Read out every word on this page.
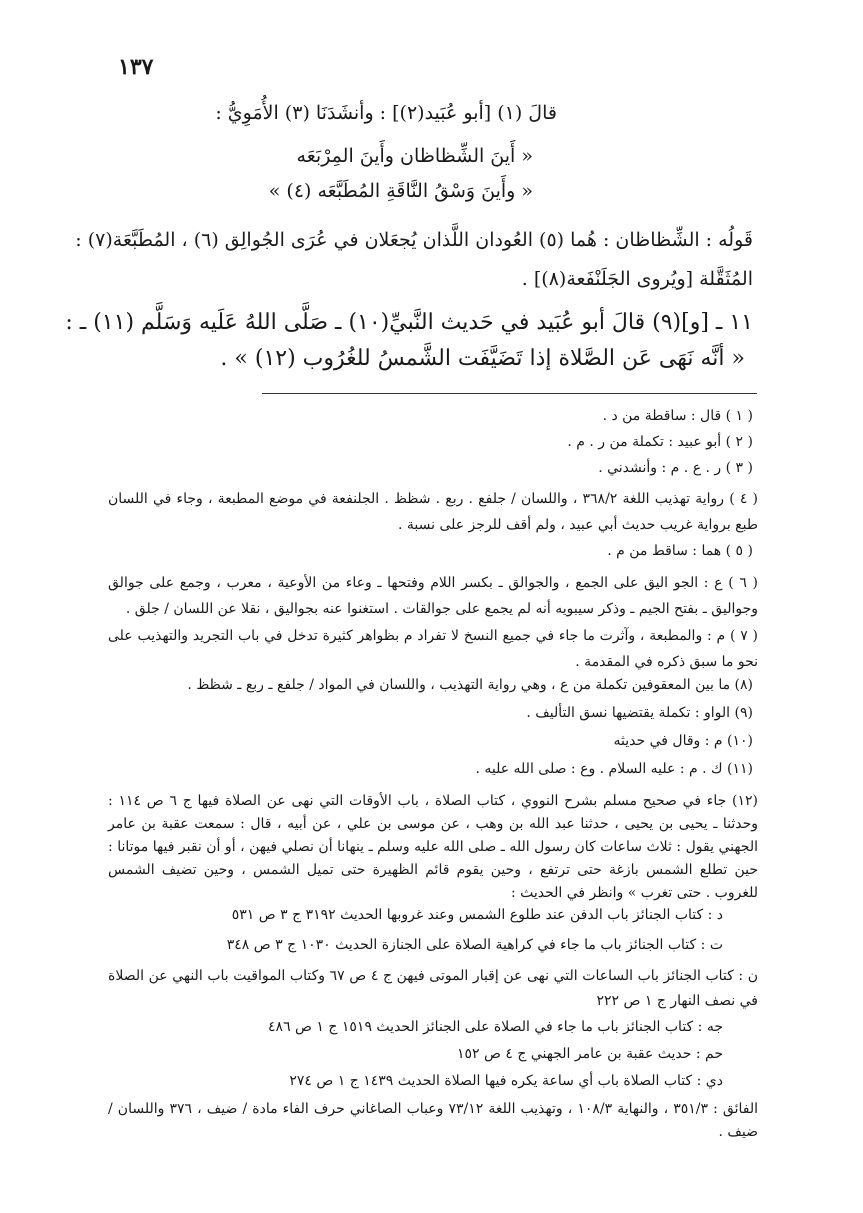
١٣٧
قالَ (١) [أبو عُبَيد(٢)] : وأنشَدَنَا (٣) الأُمَوِيُّ :
« أَينَ الشِّظاظان وأَينَ المِرْبَعَه
« وأَينَ وَسْقُ النَّاقَةِ المُطَبَّعَه (٤) »
قَولُه : الشِّظاظان : هُما (٥) العُودان اللَّذان يُجعَلان في عُرَى الجُوالِق (٦) ، المُطَبَّعَة(٧) :
المُثَقَّلة [ويُروى الجَلَنْفَعة(٨)] .
١١ ـ [و](٩) قالَ أبو عُبَيد في حَديث النَّبيِّ(١٠) ـ صَلَّى اللهُ عَلَيه وَسَلَّم (١١) ـ :
« أنَّه نَهَى عَن الصَّلاة إذا تَضَيَّفَت الشَّمسُ للغُرُوب (١٢) » .
( ١ ) قال : ساقطة من د .
( ٢ ) أبو عبيد : تكملة من ر . م .
( ٣ ) ر . ع . م : وأنشدني .
( ٤ ) رواية تهذيب اللغة ٣٦٨/٢ ، واللسان / جلفع . ربع . شظظ . الجلنفعة في موضع المطبعة ، وجاء في اللسان طبع برواية غريب حديث أبي عبيد ، ولم أقف للرجز على نسبة .
( ٥ ) هما : ساقط من م .
( ٦ ) ع : الجو اليق على الجمع ، والجوالق ـ بكسر اللام وفتحها ـ وعاء من الأوعية ، معرب ، وجمع على جوالق وجواليق ـ بفتح الجيم ـ وذكر سيبويه أنه لم يجمع على جوالقات . استغنوا عنه بجواليق ، نقلا عن اللسان / جلق .
( ٧ ) م : والمطبعة ، وآثرت ما جاء في جميع النسخ لا تفراد م بظواهر كثيرة تدخل في باب التجريد والتهذيب على نحو ما سبق ذكره في المقدمة .
(٨) ما بين المعقوفين تكملة من ع ، وهي رواية التهذيب ، واللسان في المواد / جلفع ـ ربع ـ شظظ .
(٩) الواو : تكملة يقتضيها نسق التأليف .
(١٠) م : وقال في حديثه
(١١) ك . م : عليه السلام . وع : صلى الله عليه .
(١٢) جاء في صحيح مسلم بشرح النووي ، كتاب الصلاة ، باب الأوقات التي نهى عن الصلاة فيها ج ٦ ص ١١٤ : وحدثنا ـ يحيى بن يحيى ، حدثنا عبد الله بن وهب ، عن موسى بن علي ، عن أبيه ، قال : سمعت عقبة بن عامر الجهني يقول : ثلاث ساعات كان رسول الله ـ صلى الله عليه وسلم ـ ينهانا أن نصلي فيهن ، أو أن نقبر فيها موتانا : حين تطلع الشمس بازغة حتى ترتفع ، وحين يقوم قائم الظهيرة حتى تميل الشمس ، وحين تضيف الشمس للغروب . حتى تغرب » وانظر في الحديث :
د : كتاب الجنائز باب الدفن عند طلوع الشمس وعند غروبها الحديث ٣١٩٢ ج ٣ ص ٥٣١
ت : كتاب الجنائز باب ما جاء في كراهية الصلاة على الجنازة الحديث ١٠٣٠ ج ٣ ص ٣٤٨
ن : كتاب الجنائز باب الساعات التي نهى عن إقبار الموتى فيهن ج ٤ ص ٦٧ وكتاب المواقيت باب النهي عن الصلاة في نصف النهار ج ١ ص ٢٢٢
جه : كتاب الجنائز باب ما جاء في الصلاة على الجنائز الحديث ١٥١٩ ج ١ ص ٤٨٦
حم : حديث عقبة بن عامر الجهني ج ٤ ص ١٥٢
دي : كتاب الصلاة باب أي ساعة يكره فيها الصلاة الحديث ١٤٣٩ ج ١ ص ٢٧٤
الفائق : ٣٥١/٣ ، والنهاية ١٠٨/٣ ، وتهذيب اللغة ٧٣/١٢ وعباب الصاغاني حرف الفاء مادة / ضيف ، ٣٧٦ واللسان / ضيف .
